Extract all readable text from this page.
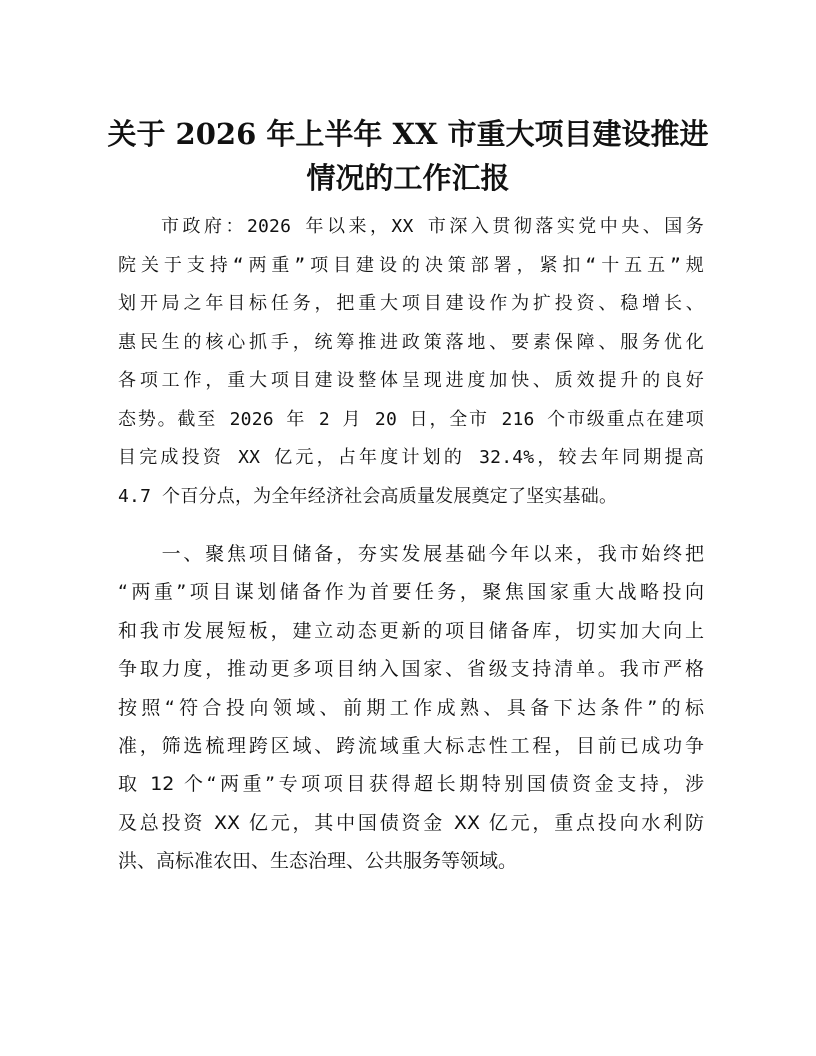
关于 2026 年上半年 XX 市重大项目建设推进
情况的工作汇报
　　市政府：2026 年以来，XX 市深入贯彻落实党中央、国务
院关于支持“两重”项目建设的决策部署，紧扣“十五五”规
划开局之年目标任务，把重大项目建设作为扩投资、稳增长、
惠民生的核心抓手，统筹推进政策落地、要素保障、服务优化
各项工作，重大项目建设整体呈现进度加快、质效提升的良好
态势。截至 2026 年 2 月 20 日，全市 216 个市级重点在建项
目完成投资 XX 亿元，占年度计划的 32.4%，较去年同期提高
4.7 个百分点，为全年经济社会高质量发展奠定了坚实基础。
　　一、聚焦项目储备，夯实发展基础今年以来，我市始终把
“两重”项目谋划储备作为首要任务，聚焦国家重大战略投向
和我市发展短板，建立动态更新的项目储备库，切实加大向上
争取力度，推动更多项目纳入国家、省级支持清单。我市严格
按照“符合投向领域、前期工作成熟、具备下达条件”的标
准，筛选梳理跨区域、跨流域重大标志性工程，目前已成功争
取 12 个“两重”专项项目获得超长期特别国债资金支持，涉
及总投资 XX 亿元，其中国债资金 XX 亿元，重点投向水利防
洪、高标准农田、生态治理、公共服务等领域。
